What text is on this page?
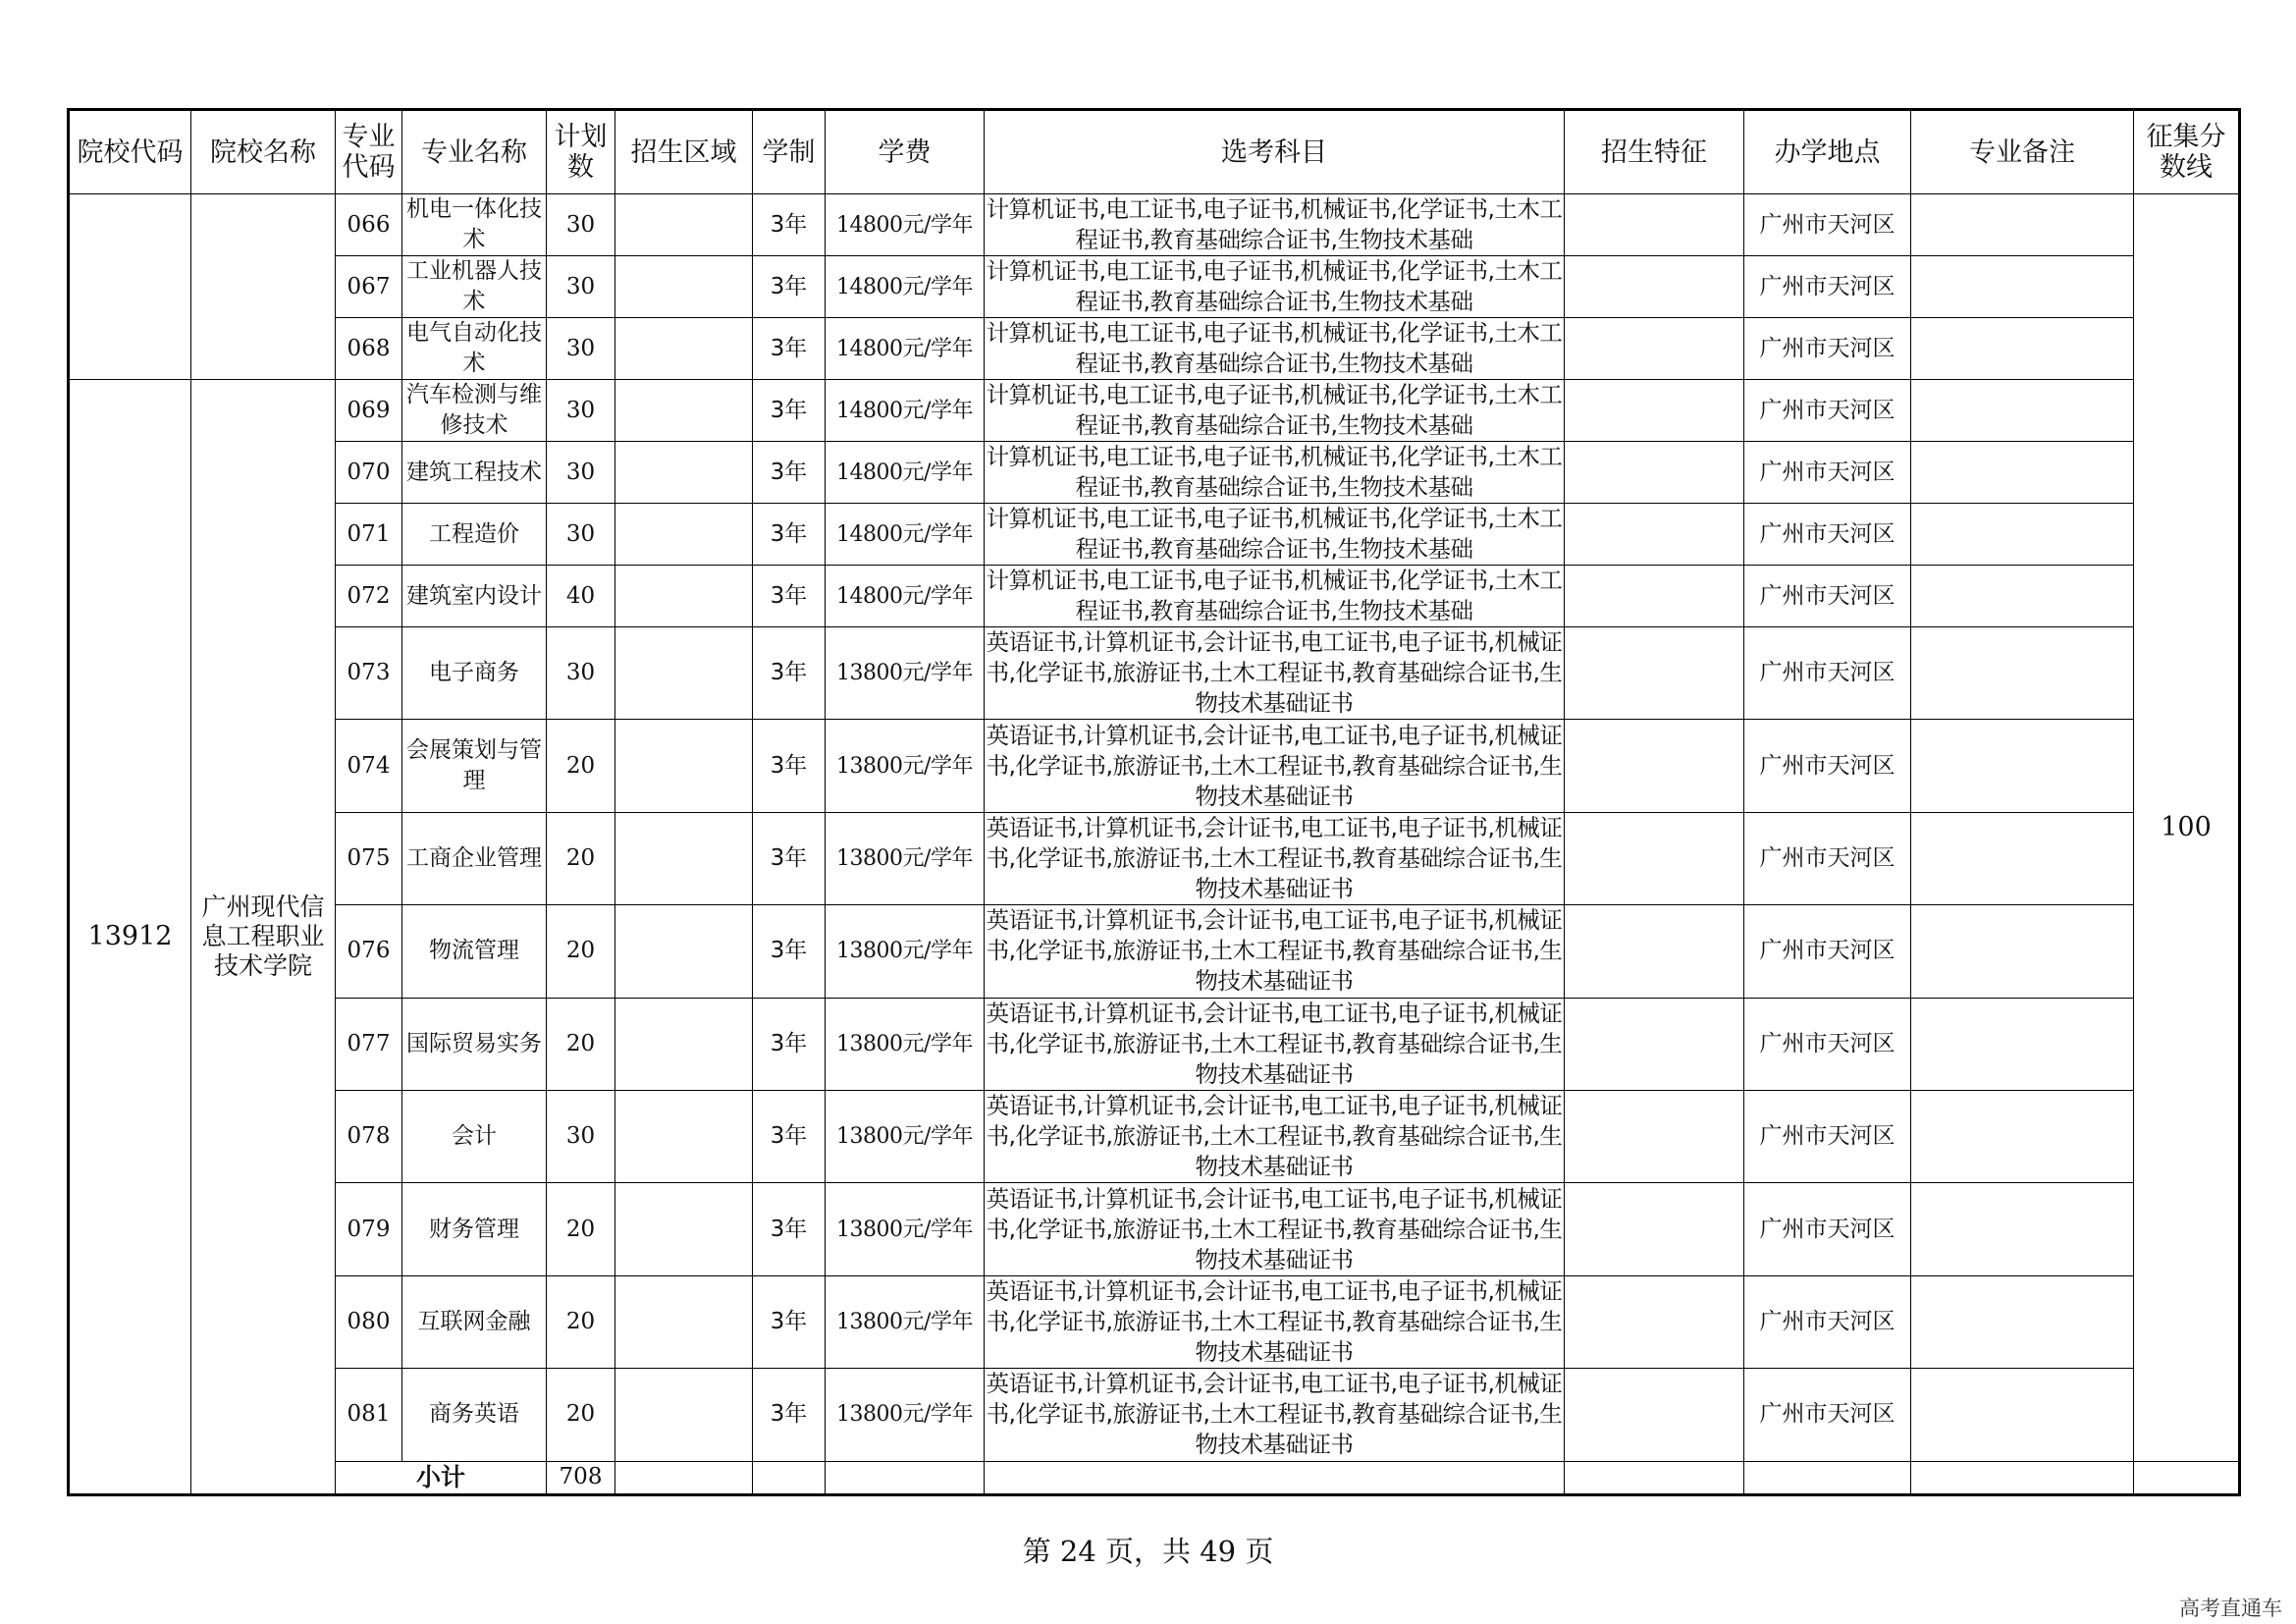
院校代码	院校名称	专业代码	专业名称	计划数	招生区域	学制	学费	选考科目	招生特征	办学地点	专业备注	征集分数线
		066	机电一体化技术	30		3年	14800元/学年	计算机证书,电工证书,电子证书,机械证书,化学证书,土木工程证书,教育基础综合证书,生物技术基础		广州市天河区		100
		067	工业机器人技术	30		3年	14800元/学年	计算机证书,电工证书,电子证书,机械证书,化学证书,土木工程证书,教育基础综合证书,生物技术基础		广州市天河区		
		068	电气自动化技术	30		3年	14800元/学年	计算机证书,电工证书,电子证书,机械证书,化学证书,土木工程证书,教育基础综合证书,生物技术基础		广州市天河区		
13912	广州现代信息工程职业技术学院	069	汽车检测与维修技术	30		3年	14800元/学年	计算机证书,电工证书,电子证书,机械证书,化学证书,土木工程证书,教育基础综合证书,生物技术基础		广州市天河区		
		070	建筑工程技术	30		3年	14800元/学年	计算机证书,电工证书,电子证书,机械证书,化学证书,土木工程证书,教育基础综合证书,生物技术基础		广州市天河区		
		071	工程造价	30		3年	14800元/学年	计算机证书,电工证书,电子证书,机械证书,化学证书,土木工程证书,教育基础综合证书,生物技术基础		广州市天河区		
		072	建筑室内设计	40		3年	14800元/学年	计算机证书,电工证书,电子证书,机械证书,化学证书,土木工程证书,教育基础综合证书,生物技术基础		广州市天河区		
		073	电子商务	30		3年	13800元/学年	英语证书,计算机证书,会计证书,电工证书,电子证书,机械证书,化学证书,旅游证书,土木工程证书,教育基础综合证书,生物技术基础证书		广州市天河区		
		074	会展策划与管理	20		3年	13800元/学年	英语证书,计算机证书,会计证书,电工证书,电子证书,机械证书,化学证书,旅游证书,土木工程证书,教育基础综合证书,生物技术基础证书		广州市天河区		
		075	工商企业管理	20		3年	13800元/学年	英语证书,计算机证书,会计证书,电工证书,电子证书,机械证书,化学证书,旅游证书,土木工程证书,教育基础综合证书,生物技术基础证书		广州市天河区		
		076	物流管理	20		3年	13800元/学年	英语证书,计算机证书,会计证书,电工证书,电子证书,机械证书,化学证书,旅游证书,土木工程证书,教育基础综合证书,生物技术基础证书		广州市天河区		
		077	国际贸易实务	20		3年	13800元/学年	英语证书,计算机证书,会计证书,电工证书,电子证书,机械证书,化学证书,旅游证书,土木工程证书,教育基础综合证书,生物技术基础证书		广州市天河区		
		078	会计	30		3年	13800元/学年	英语证书,计算机证书,会计证书,电工证书,电子证书,机械证书,化学证书,旅游证书,土木工程证书,教育基础综合证书,生物技术基础证书		广州市天河区		
		079	财务管理	20		3年	13800元/学年	英语证书,计算机证书,会计证书,电工证书,电子证书,机械证书,化学证书,旅游证书,土木工程证书,教育基础综合证书,生物技术基础证书		广州市天河区		
		080	互联网金融	20		3年	13800元/学年	英语证书,计算机证书,会计证书,电工证书,电子证书,机械证书,化学证书,旅游证书,土木工程证书,教育基础综合证书,生物技术基础证书		广州市天河区		
		081	商务英语	20		3年	13800元/学年	英语证书,计算机证书,会计证书,电工证书,电子证书,机械证书,化学证书,旅游证书,土木工程证书,教育基础综合证书,生物技术基础证书		广州市天河区		
		小计		708								
第 24 页，共 49 页
高考直通车
